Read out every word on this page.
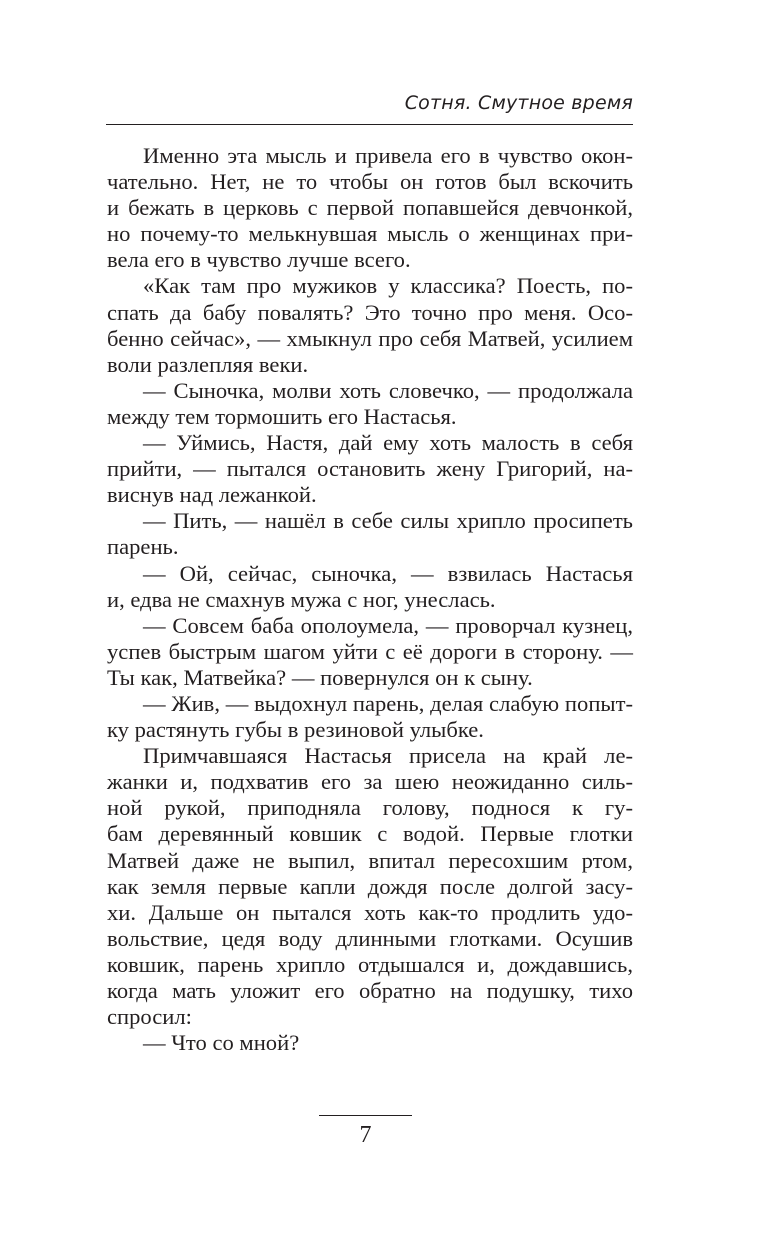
Сотня. Смутное время
Именно эта мысль и привела его в чувство окон-
чательно. Нет, не то чтобы он готов был вскочить
и бежать в церковь с первой попавшейся девчонкой,
но почему-то мелькнувшая мысль о женщинах при-
вела его в чувство лучше всего.
«Как там про мужиков у классика? Поесть, по-
спать да бабу повалять? Это точно про меня. Осо-
бенно сейчас», — хмыкнул про себя Матвей, усилием
воли разлепляя веки.
— Сыночка, молви хоть словечко, — продолжала
между тем тормошить его Настасья.
— Уймись, Настя, дай ему хоть малость в себя
прийти, — пытался остановить жену Григорий, на-
виснув над лежанкой.
— Пить, — нашёл в себе силы хрипло просипеть
парень.
— Ой, сейчас, сыночка, — взвилась Настасья
и, едва не смахнув мужа с ног, унеслась.
— Совсем баба ополоумела, — проворчал кузнец,
успев быстрым шагом уйти с её дороги в сторону. —
Ты как, Матвейка? — повернулся он к сыну.
— Жив, — выдохнул парень, делая слабую попыт-
ку растянуть губы в резиновой улыбке.
Примчавшаяся Настасья присела на край ле-
жанки и, подхватив его за шею неожиданно силь-
ной рукой, приподняла голову, поднося к гу-
бам деревянный ковшик с водой. Первые глотки
Матвей даже не выпил, впитал пересохшим ртом,
как земля первые капли дождя после долгой засу-
хи. Дальше он пытался хоть как-то продлить удо-
вольствие, цедя воду длинными глотками. Осушив
ковшик, парень хрипло отдышался и, дождавшись,
когда мать уложит его обратно на подушку, тихо
спросил:
— Что со мной?
7
